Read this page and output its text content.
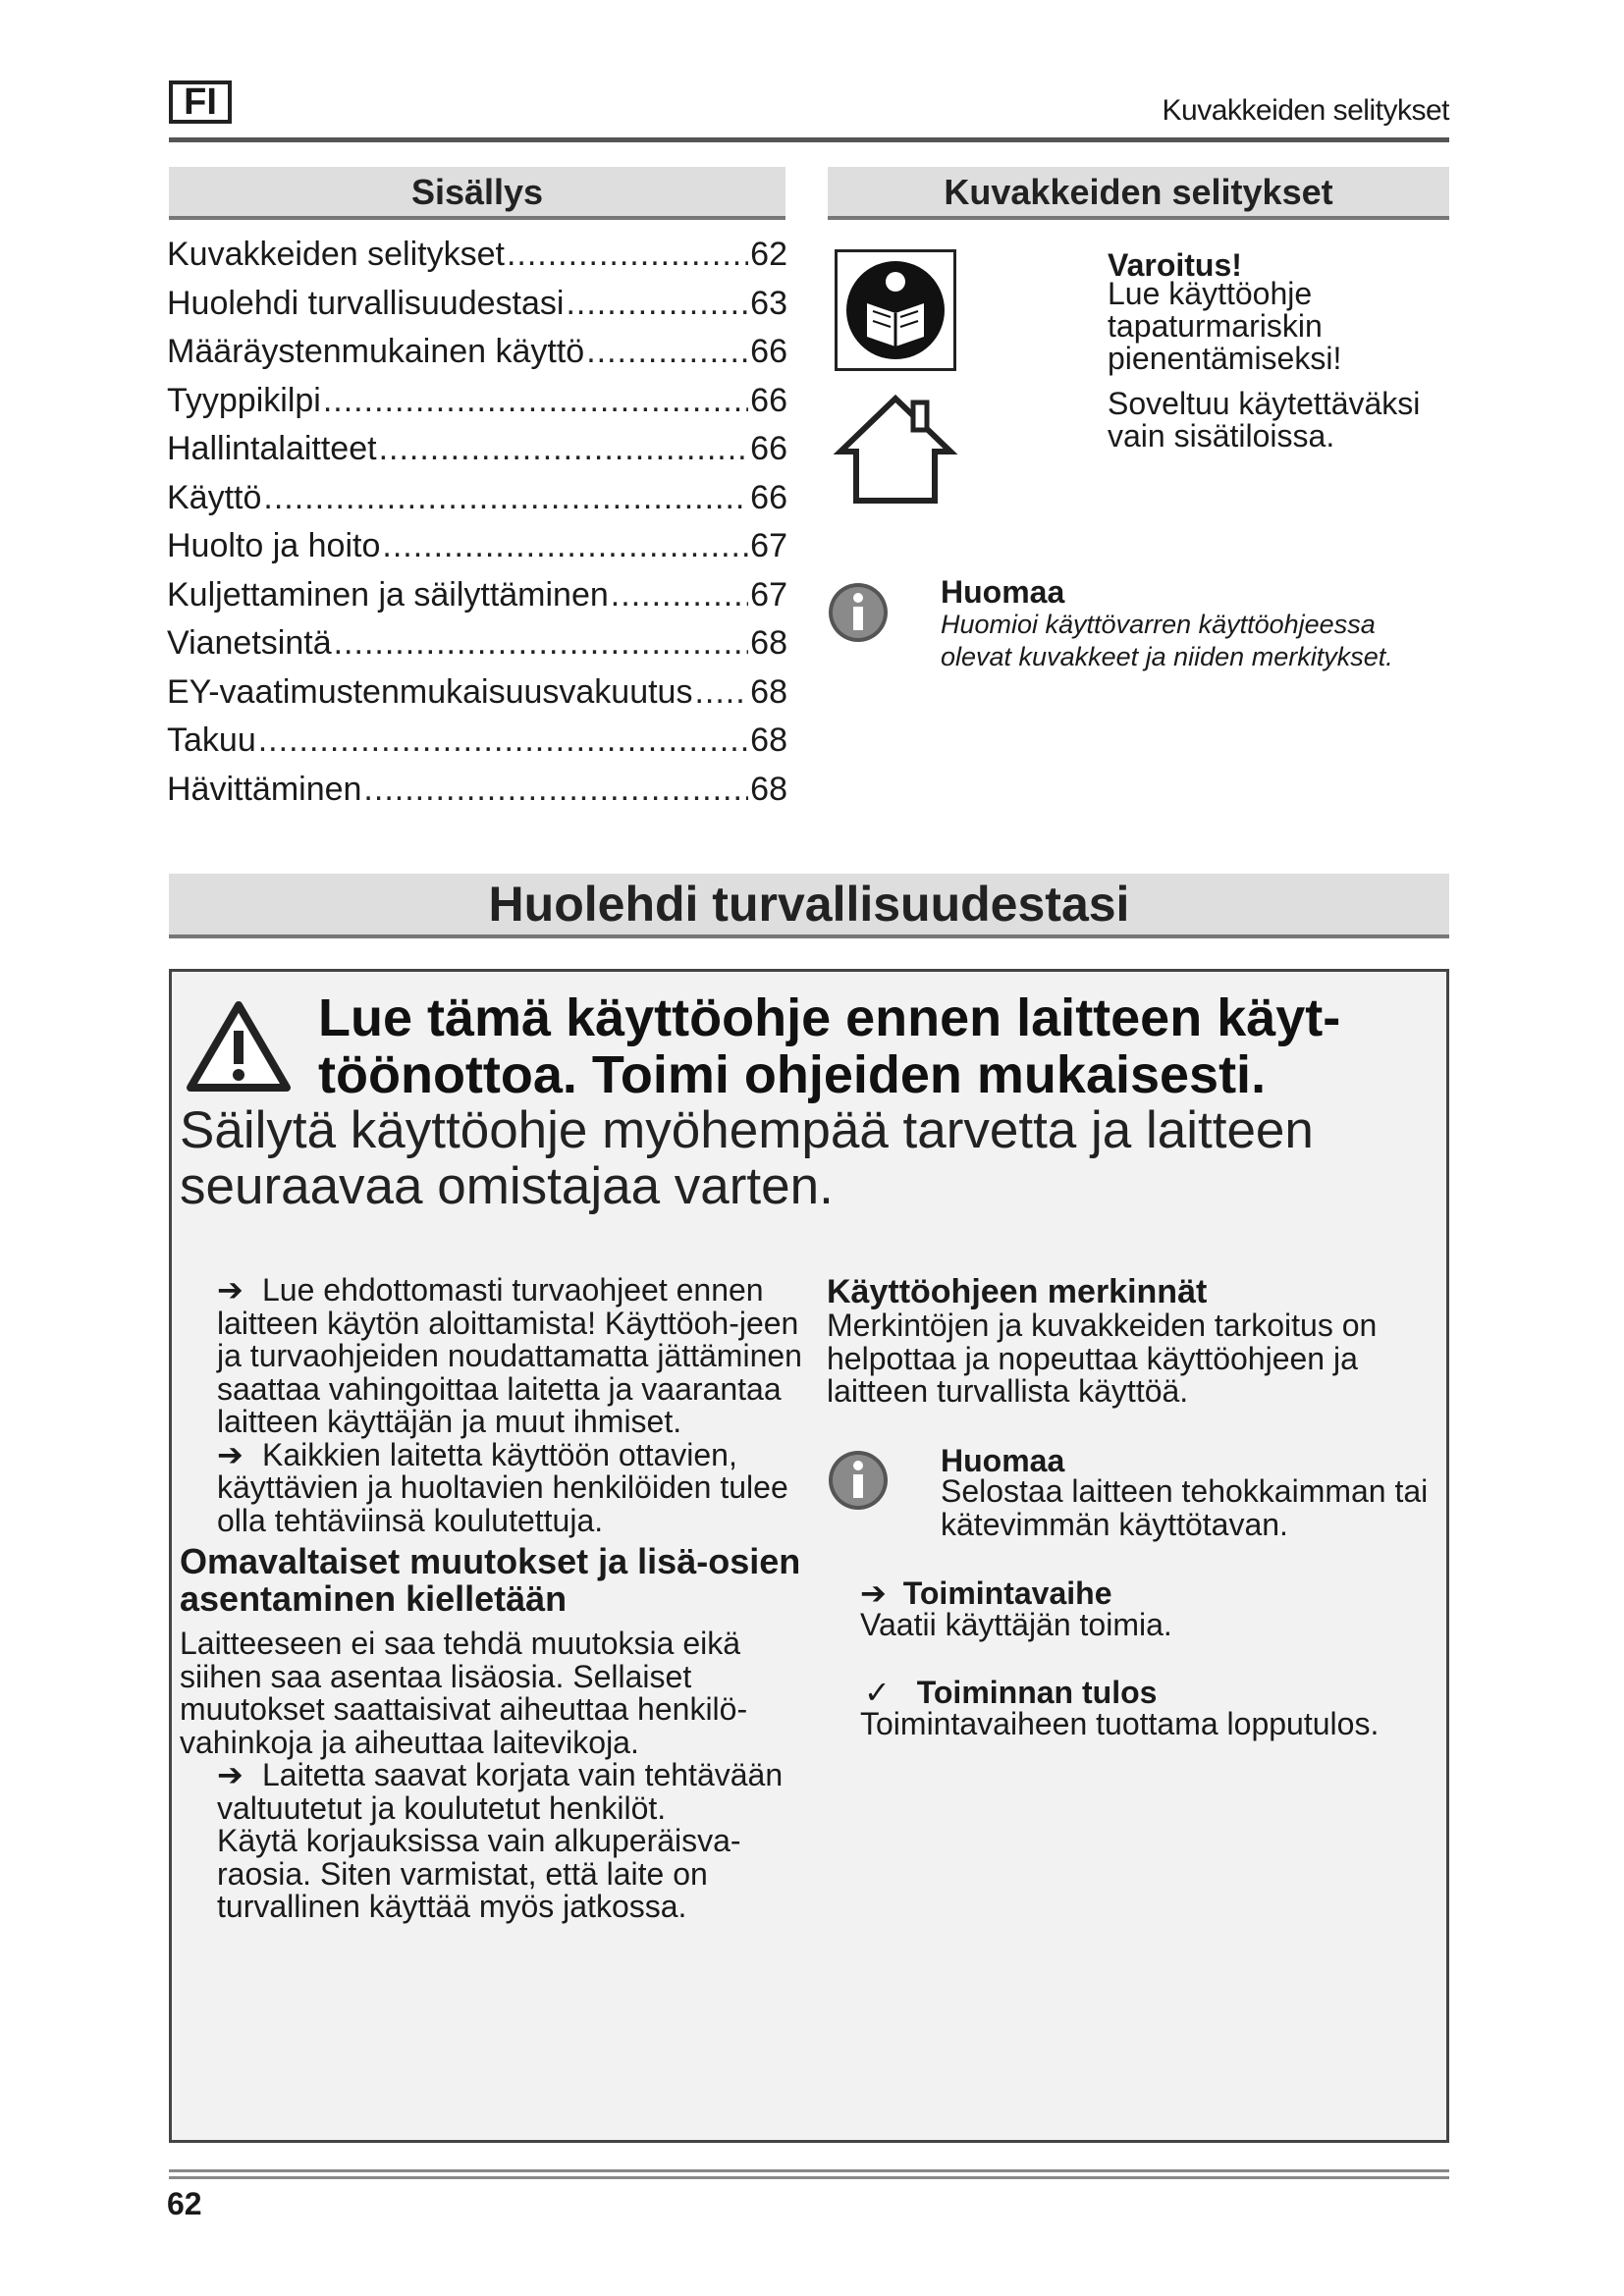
FI	Kuvakkeiden selitykset
Sisällys
Kuvakkeiden selitykset .....	62
Huolehdi turvallisuudestasi .....	63
Määräystenmukainen käyttö .....	66
Tyyppikilpi .....	66
Hallintalaitteet .....	66
Käyttö .....	66
Huolto ja hoito .....	67
Kuljettaminen ja säilyttäminen .....	67
Vianetsintä .....	68
EY-vaatimustenmukaisuusvakuutus ..... 68
Takuu .....	68
Hävittäminen .....	68
Kuvakkeiden selitykset
Varoitus!
Lue käyttöohje tapaturmariskin pienentämiseksi!
Soveltuu käytettäväksi vain sisätiloissa.
Huomaa
Huomioi käyttövarren käyttöohjeessa olevat kuvakkeet ja niiden merkitykset.
Huolehdi turvallisuudestasi
Lue tämä käyttöohje ennen laitteen käyt-töönottoa. Toimi ohjeiden mukaisesti.
Säilytä käyttöohje myöhempää tarvetta ja laitteen seuraavaa omistajaa varten.
➔ Lue ehdottomasti turvaohjeet ennen laitteen käytön aloittamista! Käyttöoh-jeen ja turvaohjeiden noudattamatta jättäminen saattaa vahingoittaa laitetta ja vaarantaa laitteen käyttäjän ja muut ihmiset.
➔ Kaikkien laitetta käyttöön ottavien, käyttävien ja huoltavien henkilöiden tulee olla tehtäviinsä koulutettuja.
Omavaltaiset muutokset ja lisä-osien asentaminen kielletään
Laitteeseen ei saa tehdä muutoksia eikä siihen saa asentaa lisäosia. Sellaiset muutokset saattaisivat aiheuttaa henkilö-vahinkoja ja aiheuttaa laitevikoja.
➔ Laitetta saavat korjata vain tehtävään valtuutetut ja koulutetut henkilöt.
Käytä korjauksissa vain alkuperäisva-raosia. Siten varmistat, että laite on turvallinen käyttää myös jatkossa.
Käyttöohjeen merkinnät
Merkintöjen ja kuvakkeiden tarkoitus on helpottaa ja nopeuttaa käyttöohjeen ja laitteen turvallista käyttöä.
Huomaa
Selostaa laitteen tehokkaimman tai kätevimmän käyttötavan.
➔ Toimintavaihe
Vaatii käyttäjän toimia.
✓ Toiminnan tulos
Toimintavaiheen tuottama lopputulos.
62
